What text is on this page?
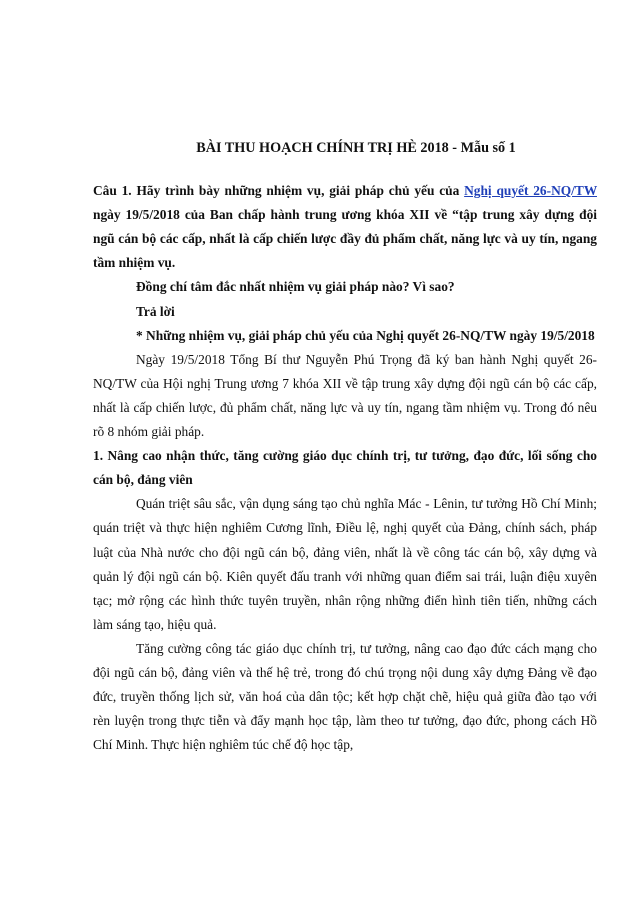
BÀI THU HOẠCH CHÍNH TRỊ HÈ 2018 - Mẫu số 1

Câu 1. Hãy trình bày những nhiệm vụ, giải pháp chủ yếu của Nghị quyết 26-NQ/TW ngày 19/5/2018 của Ban chấp hành trung ương khóa XII về “tập trung xây dựng đội ngũ cán bộ các cấp, nhất là cấp chiến lược đầy đủ phẩm chất, năng lực và uy tín, ngang tầm nhiệm vụ.

Đồng chí tâm đắc nhất nhiệm vụ giải pháp nào? Vì sao?

Trả lời

* Những nhiệm vụ, giải pháp chủ yếu của Nghị quyết 26-NQ/TW ngày 19/5/2018

Ngày 19/5/2018 Tổng Bí thư Nguyễn Phú Trọng đã ký ban hành Nghị quyết 26-NQ/TW của Hội nghị Trung ương 7 khóa XII về tập trung xây dựng đội ngũ cán bộ các cấp, nhất là cấp chiến lược, đủ phẩm chất, năng lực và uy tín, ngang tầm nhiệm vụ. Trong đó nêu rõ 8 nhóm giải pháp.

1. Nâng cao nhận thức, tăng cường giáo dục chính trị, tư tưởng, đạo đức, lối sống cho cán bộ, đảng viên

Quán triệt sâu sắc, vận dụng sáng tạo chủ nghĩa Mác - Lênin, tư tưởng Hồ Chí Minh; quán triệt và thực hiện nghiêm Cương lĩnh, Điều lệ, nghị quyết của Đảng, chính sách, pháp luật của Nhà nước cho đội ngũ cán bộ, đảng viên, nhất là về công tác cán bộ, xây dựng và quản lý đội ngũ cán bộ. Kiên quyết đấu tranh với những quan điểm sai trái, luận điệu xuyên tạc; mở rộng các hình thức tuyên truyền, nhân rộng những điển hình tiên tiến, những cách làm sáng tạo, hiệu quả.

Tăng cường công tác giáo dục chính trị, tư tưởng, nâng cao đạo đức cách mạng cho đội ngũ cán bộ, đảng viên và thế hệ trẻ, trong đó chú trọng nội dung xây dựng Đảng về đạo đức, truyền thống lịch sử, văn hoá của dân tộc; kết hợp chặt chẽ, hiệu quả giữa đào tạo với rèn luyện trong thực tiễn và đẩy mạnh học tập, làm theo tư tưởng, đạo đức, phong cách Hồ Chí Minh. Thực hiện nghiêm túc chế độ học tập,
